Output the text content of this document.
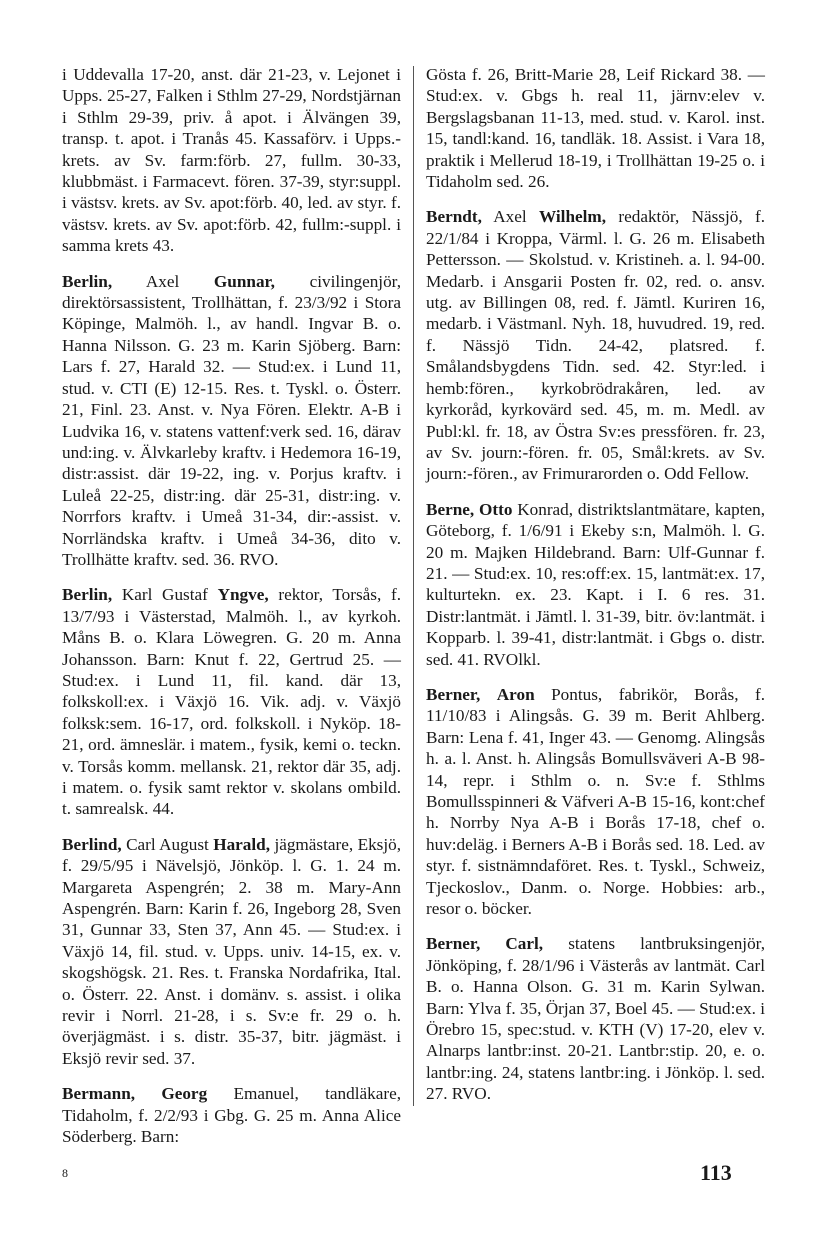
i Uddevalla 17-20, anst. där 21-23, v. Lejonet i Upps. 25-27, Falken i Sthlm 27-29, Nordstjärnan i Sthlm 29-39, priv. å apot. i Älvängen 39, transp. t. apot. i Tranås 45. Kassaförv. i Upps.-krets. av Sv. farm:förb. 27, fullm. 30-33, klubbmäst. i Farmacevt. fören. 37-39, styr:suppl. i västsv. krets. av Sv. apot:förb. 40, led. av styr. f. västsv. krets. av Sv. apot:förb. 42, fullm:-suppl. i samma krets 43.

Berlin, Axel Gunnar, civilingenjör, direktörsassistent, Trollhättan, f. 23/3/92 i Stora Köpinge, Malmöh. l., av handl. Ingvar B. o. Hanna Nilsson. G. 23 m. Karin Sjöberg. Barn: Lars f. 27, Harald 32. — Stud:ex. i Lund 11, stud. v. CTI (E) 12-15. Res. t. Tyskl. o. Österr. 21, Finl. 23. Anst. v. Nya Fören. Elektr. A-B i Ludvika 16, v. statens vattenf:verk sed. 16, därav und:ing. v. Älvkarleby kraftv. i Hedemora 16-19, distr:assist. där 19-22, ing. v. Porjus kraftv. i Luleå 22-25, distr:ing. där 25-31, distr:ing. v. Norrfors kraftv. i Umeå 31-34, dir:-assist. v. Norrländska kraftv. i Umeå 34-36, dito v. Trollhätte kraftv. sed. 36. RVO.

Berlin, Karl Gustaf Yngve, rektor, Torsås, f. 13/7/93 i Västerstad, Malmöh. l., av kyrkoh. Måns B. o. Klara Löwegren. G. 20 m. Anna Johansson. Barn: Knut f. 22, Gertrud 25. — Stud:ex. i Lund 11, fil. kand. där 13, folkskoll:ex. i Växjö 16. Vik. adj. v. Växjö folksk:sem. 16-17, ord. folkskoll. i Nyköp. 18-21, ord. ämneslär. i matem., fysik, kemi o. teckn. v. Torsås komm. mellansk. 21, rektor där 35, adj. i matem. o. fysik samt rektor v. skolans ombild. t. samrealsk. 44.

Berlind, Carl August Harald, jägmästare, Eksjö, f. 29/5/95 i Nävelsjö, Jönköp. l. G. 1. 24 m. Margareta Aspengrén; 2. 38 m. Mary-Ann Aspengrén. Barn: Karin f. 26, Ingeborg 28, Sven 31, Gunnar 33, Sten 37, Ann 45. — Stud:ex. i Växjö 14, fil. stud. v. Upps. univ. 14-15, ex. v. skogshögsk. 21. Res. t. Franska Nordafrika, Ital. o. Österr. 22. Anst. i domänv. s. assist. i olika revir i Norrl. 21-28, i s. Sv:e fr. 29 o. h. överjägmäst. i s. distr. 35-37, bitr. jägmäst. i Eksjö revir sed. 37.

Bermann, Georg Emanuel, tandläkare, Tidaholm, f. 2/2/93 i Gbg. G. 25 m. Anna Alice Söderberg. Barn:

Gösta f. 26, Britt-Marie 28, Leif Rickard 38. — Stud:ex. v. Gbgs h. real 11, järnv:elev v. Bergslagsbanan 11-13, med. stud. v. Karol. inst. 15, tandl:kand. 16, tandläk. 18. Assist. i Vara 18, praktik i Mellerud 18-19, i Trollhättan 19-25 o. i Tidaholm sed. 26.

Berndt, Axel Wilhelm, redaktör, Nässjö, f. 22/1/84 i Kroppa, Värml. l. G. 26 m. Elisabeth Pettersson. — Skolstud. v. Kristineh. a. l. 94-00. Medarb. i Ansgarii Posten fr. 02, red. o. ansv. utg. av Billingen 08, red. f. Jämtl. Kuriren 16, medarb. i Västmanl. Nyh. 18, huvudred. 19, red. f. Nässjö Tidn. 24-42, platsred. f. Smålandsbygdens Tidn. sed. 42. Styr:led. i hemb:fören., kyrkobrödrakåren, led. av kyrkoråd, kyrkovärd sed. 45, m. m. Medl. av Publ:kl. fr. 18, av Östra Sv:es pressfören. fr. 23, av Sv. journ:-fören. fr. 05, Smål:krets. av Sv. journ:-fören., av Frimurarorden o. Odd Fellow.

Berne, Otto Konrad, distriktslantmätare, kapten, Göteborg, f. 1/6/91 i Ekeby s:n, Malmöh. l. G. 20 m. Majken Hildebrand. Barn: Ulf-Gunnar f. 21. — Stud:ex. 10, res:off:ex. 15, lantmät:ex. 17, kulturtekn. ex. 23. Kapt. i I. 6 res. 31. Distr:lantmät. i Jämtl. l. 31-39, bitr. öv:lantmät. i Kopparb. l. 39-41, distr:lantmät. i Gbgs o. distr. sed. 41. RVOlkl.

Berner, Aron Pontus, fabrikör, Borås, f. 11/10/83 i Alingsås. G. 39 m. Berit Ahlberg. Barn: Lena f. 41, Inger 43. — Genomg. Alingsås h. a. l. Anst. h. Alingsås Bomullsväveri A-B 98-14, repr. i Sthlm o. n. Sv:e f. Sthlms Bomullsspinneri & Väfveri A-B 15-16, kont:chef h. Norrby Nya A-B i Borås 17-18, chef o. huv:deläg. i Berners A-B i Borås sed. 18. Led. av styr. f. sistnämndaföret. Res. t. Tyskl., Schweiz, Tjeckoslov., Danm. o. Norge. Hobbies: arb., resor o. böcker.

Berner, Carl, statens lantbruksingenjör, Jönköping, f. 28/1/96 i Västerås av lantmät. Carl B. o. Hanna Olson. G. 31 m. Karin Sylwan. Barn: Ylva f. 35, Örjan 37, Boel 45. — Stud:ex. i Örebro 15, spec:stud. v. KTH (V) 17-20, elev v. Alnarps lantbr:inst. 20-21. Lantbr:stip. 20, e. o. lantbr:ing. 24, statens lantbr:ing. i Jönköp. l. sed. 27. RVO.

8	113
